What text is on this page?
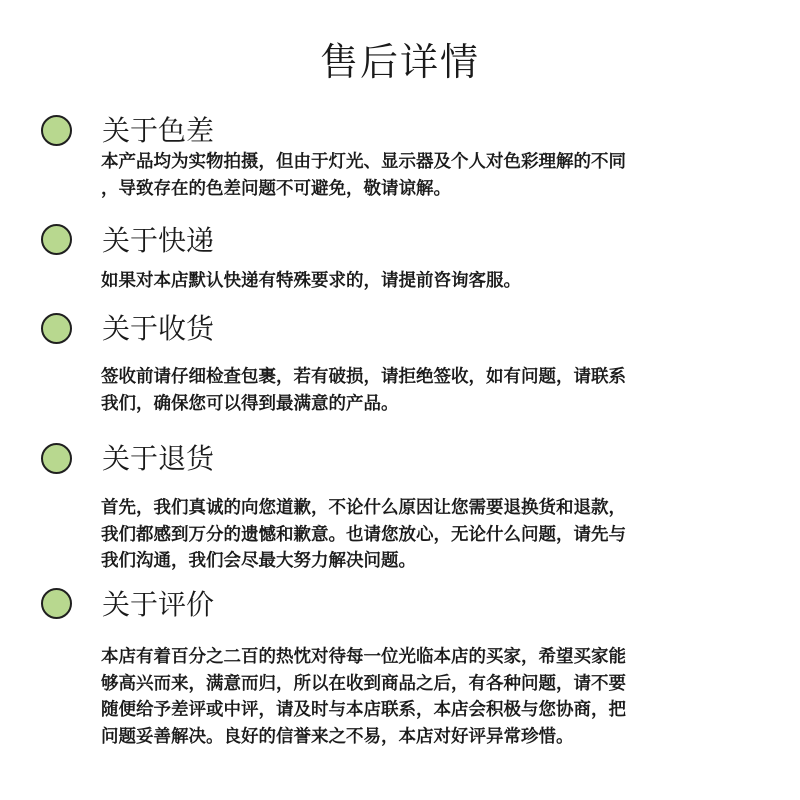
售后详情
关于色差
本产品均为实物拍摄，但由于灯光、显示器及个人对色彩理解的不同
，导致存在的色差问题不可避免，敬请谅解。
关于快递
如果对本店默认快递有特殊要求的，请提前咨询客服。
关于收货
签收前请仔细检查包裹，若有破损，请拒绝签收，如有问题，请联系
我们，确保您可以得到最满意的产品。
关于退货
首先，我们真诚的向您道歉，不论什么原因让您需要退换货和退款，
我们都感到万分的遗憾和歉意。也请您放心，无论什么问题，请先与
我们沟通，我们会尽最大努力解决问题。
关于评价
本店有着百分之二百的热忱对待每一位光临本店的买家，希望买家能
够高兴而来，满意而归，所以在收到商品之后，有各种问题，请不要
随便给予差评或中评，请及时与本店联系，本店会积极与您协商，把
问题妥善解决。良好的信誉来之不易，本店对好评异常珍惜。
